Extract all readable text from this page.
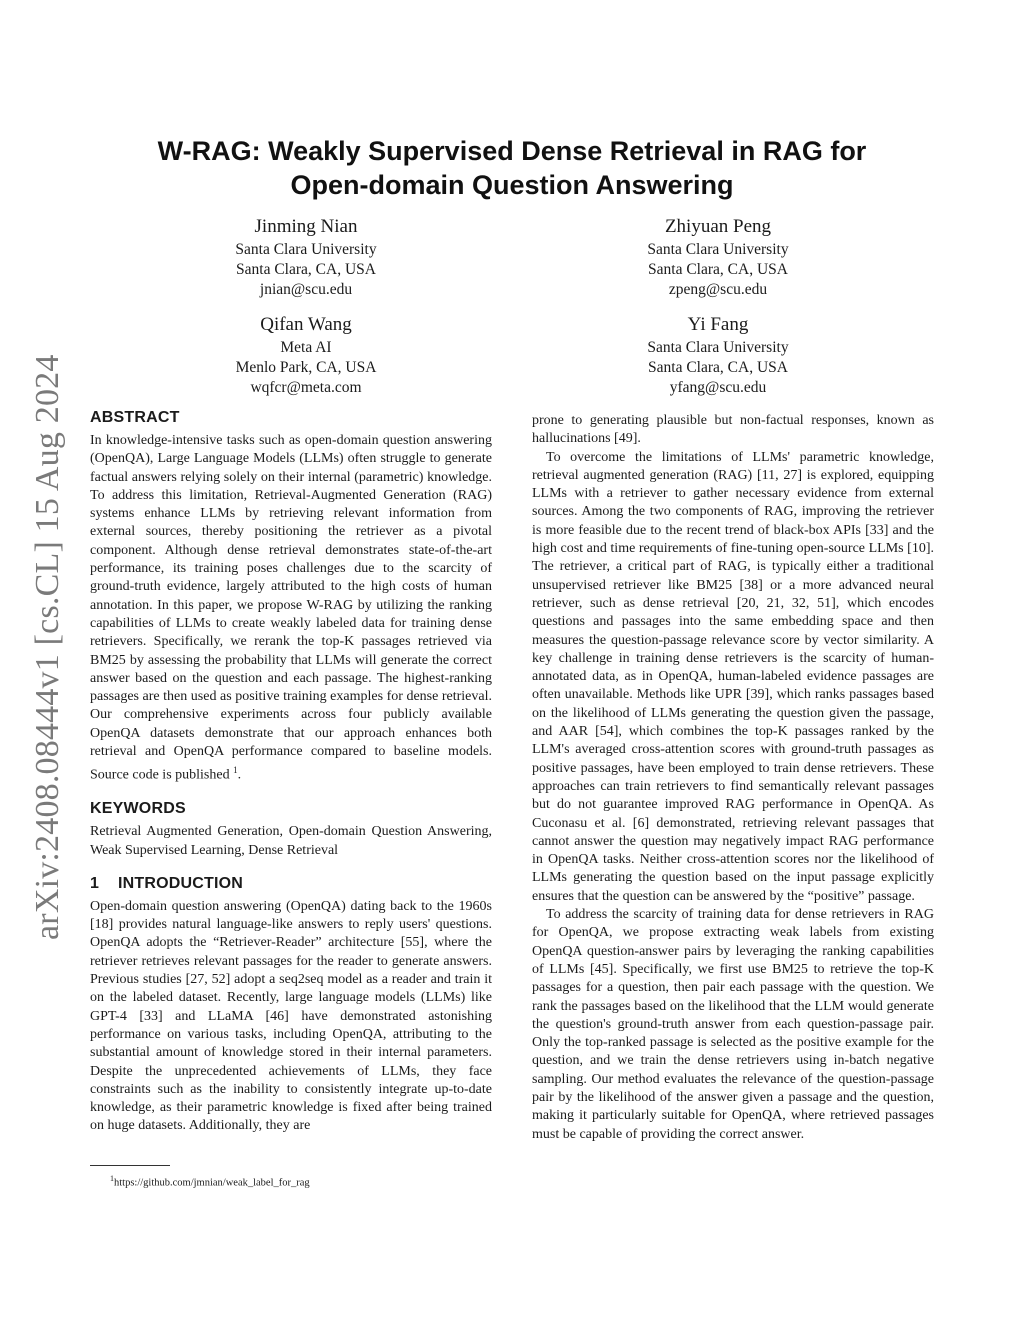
arXiv:2408.08444v1 [cs.CL] 15 Aug 2024
W-RAG: Weakly Supervised Dense Retrieval in RAG for
Open-domain Question Answering
Jinming Nian
Santa Clara University
Santa Clara, CA, USA
jnian@scu.edu
Zhiyuan Peng
Santa Clara University
Santa Clara, CA, USA
zpeng@scu.edu
Qifan Wang
Meta AI
Menlo Park, CA, USA
wqfcr@meta.com
Yi Fang
Santa Clara University
Santa Clara, CA, USA
yfang@scu.edu
ABSTRACT

In knowledge-intensive tasks such as open-domain question answering (OpenQA), Large Language Models (LLMs) often struggle to generate factual answers relying solely on their internal (parametric) knowledge. To address this limitation, Retrieval-Augmented Generation (RAG) systems enhance LLMs by retrieving relevant information from external sources, thereby positioning the retriever as a pivotal component. Although dense retrieval demonstrates state-of-the-art performance, its training poses challenges due to the scarcity of ground-truth evidence, largely attributed to the high costs of human annotation. In this paper, we propose W-RAG by utilizing the ranking capabilities of LLMs to create weakly labeled data for training dense retrievers. Specifically, we rerank the top-K passages retrieved via BM25 by assessing the probability that LLMs will generate the correct answer based on the question and each passage. The highest-ranking passages are then used as positive training examples for dense retrieval. Our comprehensive experiments across four publicly available OpenQA datasets demonstrate that our approach enhances both retrieval and OpenQA performance compared to baseline models. Source code is published $^1$.

KEYWORDS

Retrieval Augmented Generation, Open-domain Question Answering, Weak Supervised Learning, Dense Retrieval

1 INTRODUCTION

Open-domain question answering (OpenQA) dating back to the 1960s [18] provides natural language-like answers to reply users' questions. OpenQA adopts the “Retriever-Reader” architecture [55], where the retriever retrieves relevant passages for the reader to generate answers. Previous studies [27, 52] adopt a seq2seq model as a reader and train it on the labeled dataset. Recently, large language models (LLMs) like GPT-4 [33] and LLaMA [46] have demonstrated astonishing performance on various tasks, including OpenQA, attributing to the substantial amount of knowledge stored in their internal parameters. Despite the unprecedented achievements of LLMs, they face constraints such as the inability to consistently integrate up-to-date knowledge, as their parametric knowledge is fixed after being trained on huge datasets. Additionally, they are

prone to generating plausible but non-factual responses, known as hallucinations [49].

To overcome the limitations of LLMs' parametric knowledge, retrieval augmented generation (RAG) [11, 27] is explored, equipping LLMs with a retriever to gather necessary evidence from external sources. Among the two components of RAG, improving the retriever is more feasible due to the recent trend of black-box APIs [33] and the high cost and time requirements of fine-tuning open-source LLMs [10]. The retriever, a critical part of RAG, is typically either a traditional unsupervised retriever like BM25 [38] or a more advanced neural retriever, such as dense retrieval [20, 21, 32, 51], which encodes questions and passages into the same embedding space and then measures the question-passage relevance score by vector similarity. A key challenge in training dense retrievers is the scarcity of human-annotated data, as in OpenQA, human-labeled evidence passages are often unavailable. Methods like UPR [39], which ranks passages based on the likelihood of LLMs generating the question given the passage, and AAR [54], which combines the top-K passages ranked by the LLM's averaged cross-attention scores with ground-truth passages as positive passages, have been employed to train dense retrievers. These approaches can train retrievers to find semantically relevant passages but do not guarantee improved RAG performance in OpenQA. As Cuconasu et al. [6] demonstrated, retrieving relevant passages that cannot answer the question may negatively impact RAG performance in OpenQA tasks. Neither cross-attention scores nor the likelihood of LLMs generating the question based on the input passage explicitly ensures that the question can be answered by the “positive” passage.

To address the scarcity of training data for dense retrievers in RAG for OpenQA, we propose extracting weak labels from existing OpenQA question-answer pairs by leveraging the ranking capabilities of LLMs [45]. Specifically, we first use BM25 to retrieve the top-K passages for a question, then pair each passage with the question. We rank the passages based on the likelihood that the LLM would generate the question's ground-truth answer from each question-passage pair. Only the top-ranked passage is selected as the positive example for the question, and we train the dense retrievers using in-batch negative sampling. Our method evaluates the relevance of the question-passage pair by the likelihood of the answer given a passage and the question, making it particularly suitable for OpenQA, where retrieved passages must be capable of providing the correct answer.

$^1$https://github.com/jmnian/weak_label_for_rag
